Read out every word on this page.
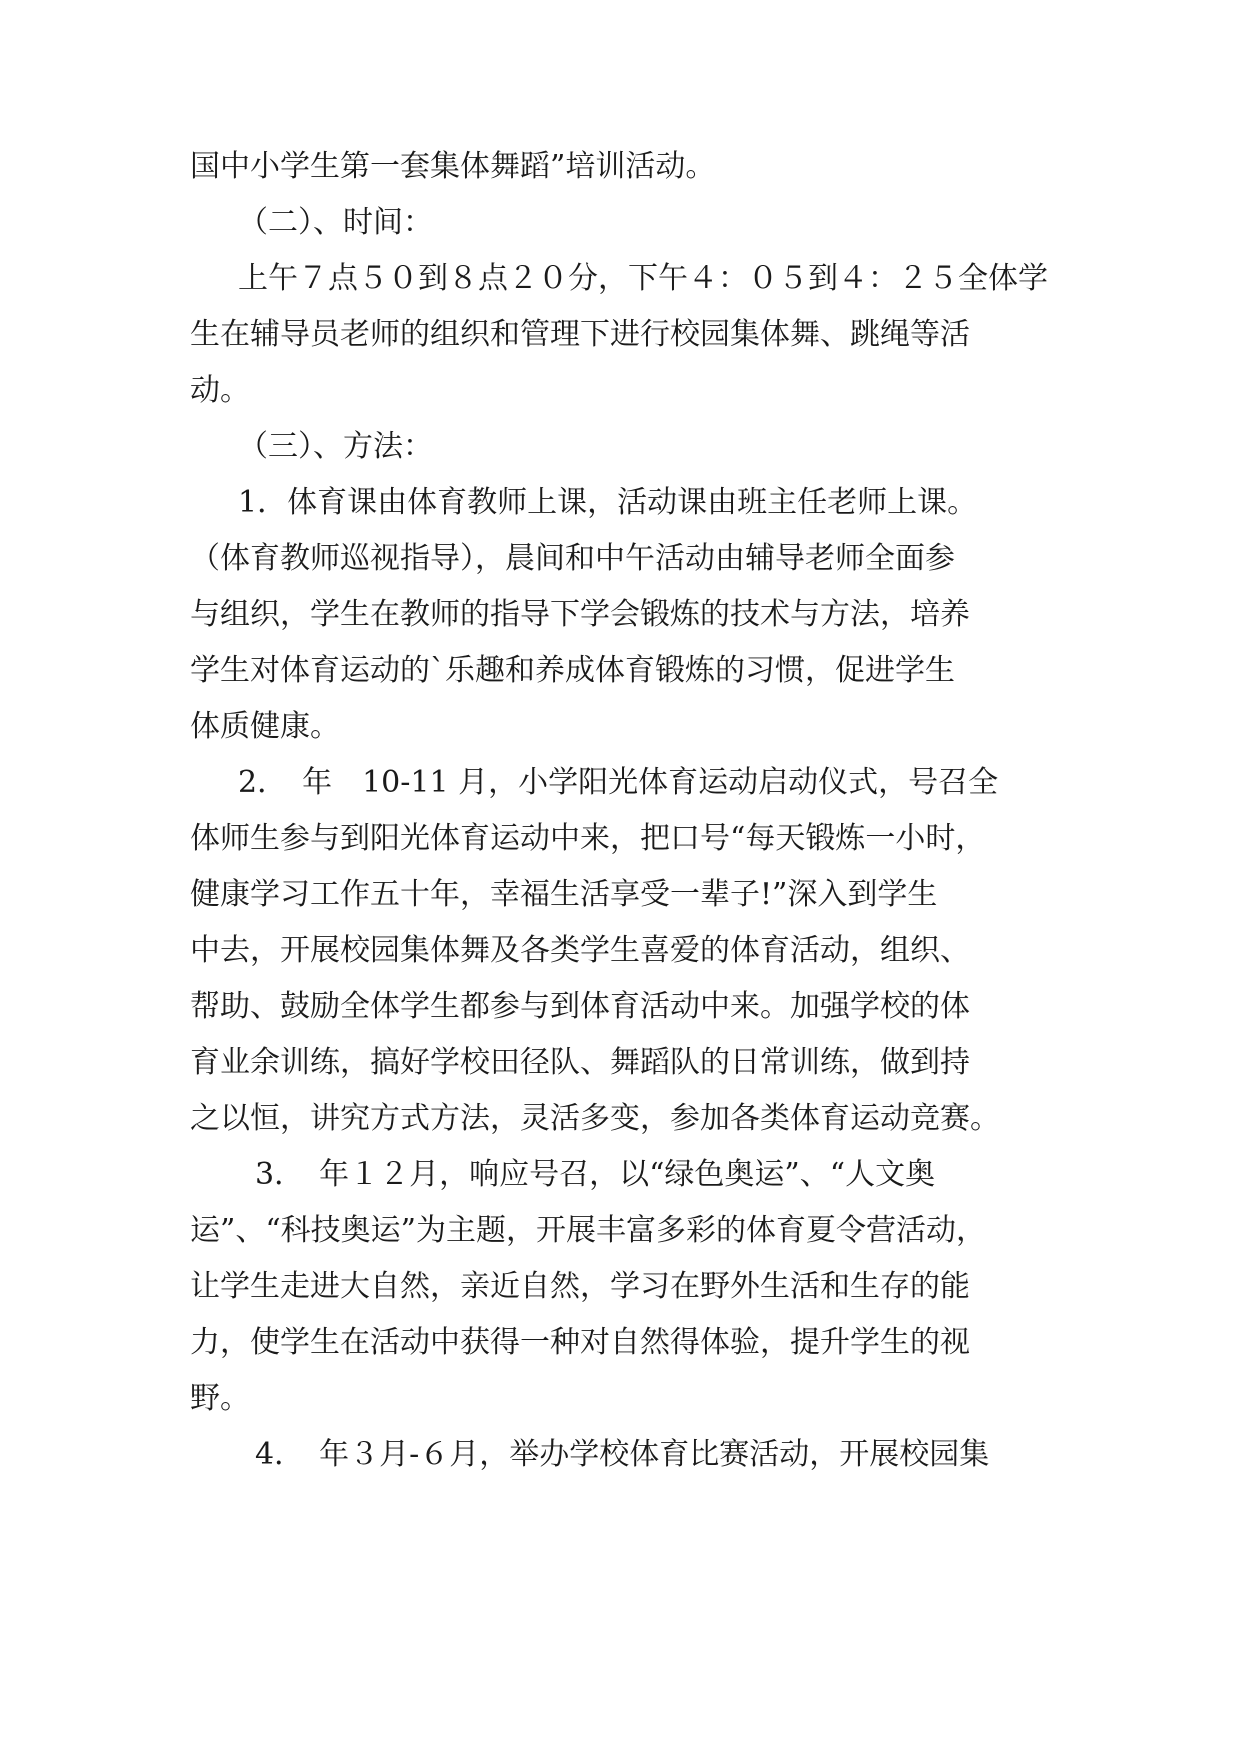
国中小学生第一套集体舞蹈”培训活动。

（二）、时间：

上午７点５０到８点２０分，下午４：０５到４：２５全体学

生在辅导员老师的组织和管理下进行校园集体舞、跳绳等活

动。

（三）、方法：

1．体育课由体育教师上课，活动课由班主任老师上课。

（体育教师巡视指导），晨间和中午活动由辅导老师全面参

与组织，学生在教师的指导下学会锻炼的技术与方法，培养

学生对体育运动的`乐趣和养成体育锻炼的习惯，促进学生

体质健康。

2．　年　10-11 月，小学阳光体育运动启动仪式，号召全

体师生参与到阳光体育运动中来，把口号“每天锻炼一小时，

健康学习工作五十年，幸福生活享受一辈子!”深入到学生

中去，开展校园集体舞及各类学生喜爱的体育活动，组织、

帮助、鼓励全体学生都参与到体育活动中来。加强学校的体

育业余训练，搞好学校田径队、舞蹈队的日常训练，做到持

之以恒，讲究方式方法，灵活多变，参加各类体育运动竞赛。

3．　年１２月，响应号召，以“绿色奥运”、“人文奥

运”、“科技奥运”为主题，开展丰富多彩的体育夏令营活动，

让学生走进大自然，亲近自然，学习在野外生活和生存的能

力，使学生在活动中获得一种对自然得体验，提升学生的视

野。

4．　年３月-６月，举办学校体育比赛活动，开展校园集
